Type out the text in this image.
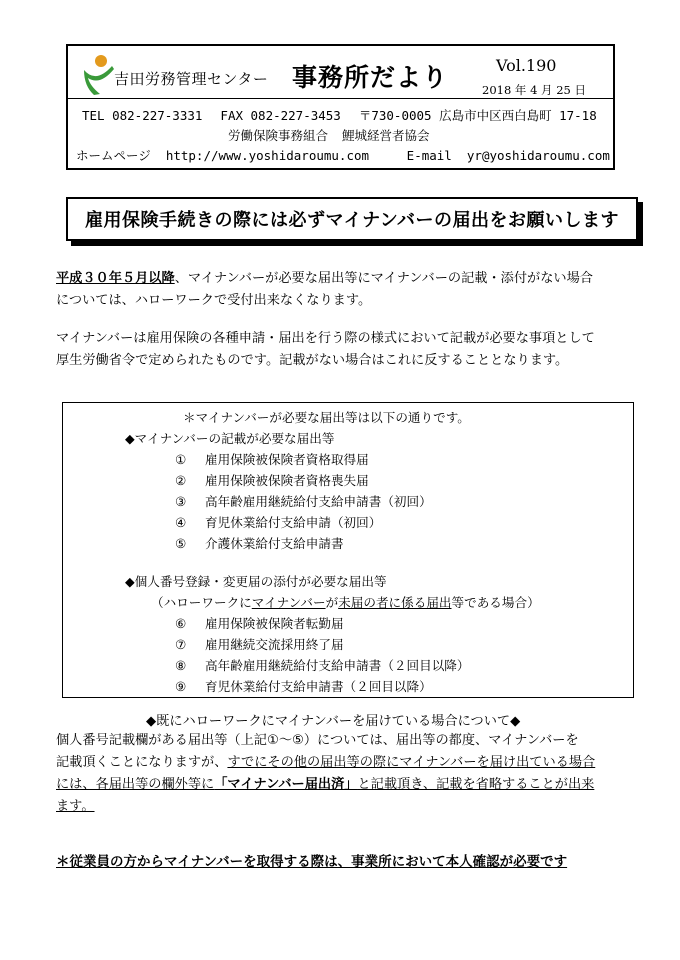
吉田労務管理センター 事務所だより	Vol.190
2018 年 4 月 25 日
TEL 082-227-3331 FAX 082-227-3453 〒730-0005 広島市中区西白島町 17-18
労働保険事務組合 鯉城経営者協会
ホームページ http://www.yoshidaroumu.com	E-mail yr@yoshidaroumu.com
雇用保険手続きの際には必ずマイナンバーの届出をお願いします
平成３０年５月以降、マイナンバーが必要な届出等にマイナンバーの記載・添付がない場合
については、ハローワークで受付出来なくなります。
マイナンバーは雇用保険の各種申請・届出を行う際の様式において記載が必要な事項として
厚生労働省令で定められたものです。記載がない場合はこれに反することとなります。
＊マイナンバーが必要な届出等は以下の通りです。
◆マイナンバーの記載が必要な届出等
① 雇用保険被保険者資格取得届
② 雇用保険被保険者資格喪失届
③ 高年齢雇用継続給付支給申請書（初回）
④ 育児休業給付支給申請（初回）
⑤ 介護休業給付支給申請書
◆個人番号登録・変更届の添付が必要な届出等
（ハローワークにマイナンバーが未届の者に係る届出等である場合）
⑥ 雇用保険被保険者転勤届
⑦ 雇用継続交流採用終了届
⑧ 高年齢雇用継続給付支給申請書（２回目以降）
⑨ 育児休業給付支給申請書（２回目以降）
◆既にハローワークにマイナンバーを届けている場合について◆
個人番号記載欄がある届出等（上記①～⑤）については、届出等の都度、マイナンバーを
記載頂くことになりますが、すでにその他の届出等の際にマイナンバーを届け出ている場合
には、各届出等の欄外等に「マイナンバー届出済」と記載頂き、記載を省略することが出来
ます。
＊従業員の方からマイナンバーを取得する際は、事業所において本人確認が必要です
